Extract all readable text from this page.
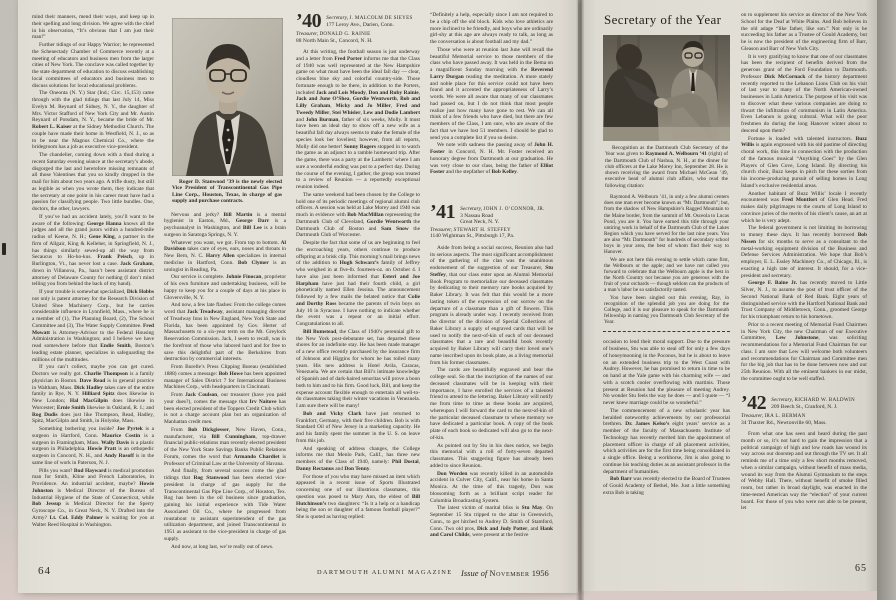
mind their manners, mend their ways, and keep up in their spelling and long division. We agree with the chief in his observation, “It’s obvious that I am just their man!”

Further tidings of our Happy Warrior; he represented the Schenectady Chamber of Commerce recently at a meeting of educators and business men from the larger cities of New York. The conclave was called together by the state department of education to discuss establishing local committees of educators and business men to discuss solutions for local educational problems.

The Oneonta (N. Y.) Star (Ind.; Circ. 15,153) came through with the glad tidings that last July 14, Miss Evelyn M. Reynard of Sidney, N. Y., the daughter of Mrs. Victor Stafford of New York City and Mr. Austin Reynard of Potsdam, N. Y., became the bride of Mr. Robert L. Kaiser at the Sidney Methodist Church. The couple have made their home in Westfield, N. J., so as to be near the Magnus Chemical Co., where the bridegroom has a job as executive vice-president.

The chandelier, coming down with a thud during a recent Saturday evening séance at the secretary’s abode, disgorged the last and heretofore missing remnants of all those Valentines that you so kindly dropped in the mail for him about two years ago. A trifle dusty, but still as legible as when you wrote them, they indicate that the secretary at one point in his career must have had a passion for classifying people. Two little bundles. One, doctors, the other, lawyers.

If you’ve had an accident lately, you’ll want to be aware of the following: George Hanna knows all the judges and all the grand jurors within a hundred-mile radius of Keene, N. H.; Gene King, a partner in the firm of Allgair, King & Kelleher, in Springfield, N. J., has things similarly sewed-up all the way from Secaucus to Ho-ho-kus. Frank Peisch, up in Burlington, Vt., has never lost a case. Jack Graham, down in Villanova, Pa., hasn’t been assistant district attorney of Delaware County for nothing (I don’t mind telling you from behind the back of my hand).

If your trouble is somewhat specialized, Dick Hobbs not only is patent attorney for the Research Division of United Shoe Machinery Corp., but he carries considerable influence in Lynnfield, Mass., where he is a member of (1), The Planning Board, (2), The School Committee and (3), The Water Supply Committee. Fred Mowatt is Attorney-Advisor to the Federal Housing Administration in Washington; and I believe we have read somewhere before that Endie Smith, Boston’s leading estate planner, specializes in safeguarding the millions of the multitudes.

If you can’t collect, maybe you can get cured. Doctors we really got. Charlie Thompson is a family physician in Boston. Dave Read is in general practice in Waltham, Mass. Dick Hadley takes care of the entire family in Rye, N. Y. Hilliard Spitz does likewise in New London; Hal MacGilpin does likewise in Worcester; Ernie Smith likewise in Oakland, R. I.; and Rog Dudis does just like Thompson, Read, Hadley, Spitz, MacGilpin and Smith, in Holyoke, Mass.

Something bothering you inside? Joe Pyrtek is a surgeon in Hartford, Conn. Maurice Costin is a surgeon in Framingham, Mass. Wally Davis is a plastic surgeon in Philadelphia. Howie Pratt is an orthopedic surgeon in Concord, N. H., and Andy Rusoff is in the same line of work in Paterson, N. J.

Pills you want? Bud Hayward is medical promotion man for Smith, Kline and French Laboratories, in Providence. An industrial accident, maybe? Howie Johnston is Medical Director of the Bureau of Industrial Hygiene of the State of Connecticut, while Bob Jessup is Medical Director for the Sperry Gyroscope Co., in Great Neck, N. Y. Drafted into the Army? Lt. Col. Eddy Palmer is waiting for you at Walter Reed Hospital in Washington.

Roger D. Stanwood ’39 is the newly elected Vice President of Transcontinental Gas Pipe Line Corp., Houston, Texas, in charge of gas supply and purchase contracts.

Nervous and jerky? Bill Martin is a mental hygienist in Easton, Md., George Darr is a psychoanalyst in Washington, and Bill Lee is a brain surgeon in Saratoga Springs, N. Y.

Whatever you want, we got. From top to bottom. Al Davidson takes care of eyes, ears, noses and throats in New Bern, N. C. Harry Allen specializes in internal medicine in Hartford, Conn. Bob Clymer is an urologist in Reading, Pa.

Our service is complete. Johnie Finocan, proprietor of his own furniture and undertaking business, will be happy to keep you for a couple of days at his place in Gloversville, N. Y.

And now, a few late flashes: From the college comes word that Jack Treadway, assistant managing director of Treadway Inns in New England, New York State and Florida, has been appointed by Gov. Herter of Massachusetts to a six-year term on the Mt. Greylock Reservation Commission. Jack, I seem to recall, was in the forefront of those who labored hard and for free to save this delightful part of the Berkshires from destruction by commercial interests.

From Burelle’s Press Clipping Bureau (established 1888) comes a message: Bob Howe has been appointed manager of Sales District 7 for International Business Machines Corp., with headquarters in Cincinnati.

From Jack Coulson, our treasurer (have you paid your dues?), comes the message that Irv Naitove has been elected president of the Toppers Credit Club which is not a charge account plan but an organization of Manhattan credit men.

From Bob Dickgiesser, New Haven, Conn., manufacturer, via Bill Cunningham, top-drawer financial public-relations man recently elected president of the New York State Savings Banks Public Relations Forum, comes the word that Armando Chardiet is Professor of Criminal Law at the University of Havana.

And finally, from several sources come the glad tidings that Rog Stanwood has been elected vice-president in charge of gas supply for the Transcontinental Gas Pipe Line Corp., of Houston, Tex. Rog has been in the oil business since graduation, gaining his initial experience with Tide Water Associated Oil Co., where he progressed from roustabout to assistant superintendent of the gas utilization department, and joined Transcontinental in 1951 as assistant to the vice-president in charge of gas supply.

And now, at long last, we’re really out of news.

’40 Secretary, J. MALCOLM DE SIEYES
177 Leroy Ave., Darien, Conn.
Treasurer, DONALD G. RAINIE
88 North Main St., Concord, N. H.

At this writing, the football season is just underway and a letter from Fred Porter informs me that the Class of 1940 was well represented at the New Hampshire game on what must have been the ideal fall day — clear, cloudless blue sky and colorful country-side. Those fortunate enough to be there, in addition to the Porters, included Jack and Lois Moody, Don and Ruby Rainie, Jack and June O’Shea, Gordie Wentworth, Bob and Lilly Graham, Micky and Jo Miller, Fred and Tweedy Miller, Stei Whisler, Lew and Dodie Lambert and John Burman, father of six weeks, Molly. It must have been an ideal day to show off a new wife as a beautiful fall day always seems to make the female of the species look her loveliest; however, from all reports, Molly did one better! Sonny Rogers stopped in to watch the game as an adjunct to a ramble homeward trip. After the game, there was a party at the Lamberts’ where I am sure a wonderful ending was put to a perfect day. During the course of the evening, I gather, the group was treated to a review of Reunion — a reportedly exceptional reunion indeed.

The same weekend had been chosen by the College to hold one of its periodic meetings of regional alumni club officers. A session was held at Lake Morey and 1940 was much in evidence with Bob MacMillan representing the Dartmouth Club of Cleveland, Gordie Wentworth the Dartmouth Club of Boston and Sam Snow the Dartmouth Club of Worcester.

Despite the fact that some of us are beginning to feel the encroaching years, others continue to produce offspring at a brisk clip. This morning’s mail brings news of the addition to Hugh Schwarz’s family of Jeffrey who weighed in at five-lb. fourteen-oz. on October 4. I have also just been informed that Esteri and Joe Harpham have just had their fourth child, a girl phonetically named Ellen Jessina. The announcement followed by a few mails the belated notice that Colie and Dorthy Ross became the parents of twin boys on July 16 in Syracuse. I have nothing to indicate whether the event was a repeat or an initial effort. Congratulations to all.

Bill Bumstead, the Class of 1940’s perennial gift to the New York post-debutante set, has departed these shores for an indefinite stay. He has been made manager of a new office recently purchased by the insurance firm of Johnson and Higgins for whom he has toiled many years. His new address is Hotel Avila, Caracas, Venezuela. We are certain that Bill’s intimate knowledge of Spanish and of dark-haired senoritas will prove a boon both to him and to his firm. Good luck, Bill, and keep the expense account flexible enough to entertain all well-to-do classmates taking their winter vacations in Venezuela. I am sure there will be many!

Bob and Vicky Clark have just returned to Frankfort, Germany, with their five children. Bob is with Standard Oil of New Jersey in a marketing capacity. He and his family spent the summer in the U. S. on leave from this job.

And speaking of address changes, the College informs me that Menlo Park, Calif., has three new members of the Class of 1940, namely: Phil Dostal, Danny Rectanus and Don Tenny.

For those of you who may have missed an item which appeared in a recent issue of Sports Illustrated concerning one of our illustrious classmates, this question was posed to Mary Ann, the eldest of Bill Hutchinson’s two daughters: “Is it a help or a handicap being the son or daughter of a famous football player?” She is quoted as having replied:

“Definitely a help, especially since I am not required to be a chip off the old block. Kids who love athletics are more inclined to be friendly, and boys who are ordinarily girl-shy at this age are always ready to talk, as long as the conversation is about football and my dad.”

Those who were at reunion last June will recall the beautiful Memorial service to those members of the class who have passed away. It was held in the Bema on a magnificent Sunday morning with the Reverend Larry Durgan reading the meditation. A more stately and noble place for this service could not have been found and it accented the appropriateness of Larry’s words. We were all aware that many of our classmates had passed on, but I do not think that most people realize just how many have gone to rest. We can all think of a few friends who have died, but there are few members of the Class, I am sure, who are aware of the fact that we have lost 51 members. I should be glad to send you a complete list if you so desire.

We note with sadness the passing away of John H. Foster in Concord, N. H. Mr. Foster received an honorary degree from Dartmouth at our graduation. He was very close to our class, being the father of Elliot Foster and the stepfather of Bob Kelley.

’41 Secretary, JOHN J. O’CONNOR, JR.
3 Nassau Road
Great Neck, N. Y.
Treasurer, STEWART H. STEFFEY
1140 Wightman St., Pittsburgh 17, Pa.

Aside from being a social success, Reunion also had its serious aspects. The most significant accomplishment of the gathering of the clan was the unanimous endorsement of the suggestion of our Treasurer, Stu Steffey, that our class enter upon an Alumni Memorial Book Program to memorialize our deceased classmates by dedicating to their memory rare books acquired by Baker Library. It was felt that this would be a more lasting token of the expression of our sorrow on the departure of a classmate than a gift of flowers. This program is already under way. I recently received from the director of the division of Special Collections of Baker Library a supply of engraved cards that will be used to notify the next-of-kin of each of our deceased classmates that a rare and beautiful book recently acquired by Baker Library will carry their loved one’s name inscribed upon its book plate, as a living memorial from his former classmates.

The cards are beautifully engraved and bear the college seal. So that the inscription of the names of our deceased classmates will be in keeping with their importance, I have enrolled the services of a talented friend to attend to the lettering. Baker Library will notify me from time to time as these books are acquired, whereupon I will forward the card to the next-of-kin of the particular deceased classmate to whose memory we have dedicated a particular book. A copy of the book plate of each book so dedicated will also go to the next-of-kin.

As pointed out by Stu in his dues notice, we begin this memorial with a roll of forty-seven departed classmates. This staggering figure has already been added to since Reunion.

Don Worden was recently killed in an automobile accident in Culver City, Calif., near his home in Santa Monica. At the time of this tragedy, Don was blossoming forth as a brilliant script reader for Columbia Broadcasting System.

The latest victim of marital bliss is Stu May. On September 15 Stu tripped to the altar in Greenwich, Conn., to get hitched to Audrey D. Smith of Stamford, Conn. Two old pros, Dick and Judy Potter, and Hank and Carol Childs, were present at the festive

64	DARTMOUTH ALUMNI MAGAZINE Issue of November 1956
Secretary of the Year

Recognition as the Dartmouth Club Secretary of the Year was given to Raymond A. Welbourn ’41 (right) of the Dartmouth Club of Nashua, N. H., at the dinner for club officers at the Lake Morey Inn, September 28. He is shown receiving the award from Michael McGean ’49, executive head of alumni club affairs, who read the following citation:

Raymond A. Welbourn ’41, in only a few alumni centers does one man ever become known as “Mr. Dartmouth”; but, from the shadow of New Hampshire’s Ragged Mountain to the Maine border, from the summit of Mt. Osceola to Lucas Pond, you are it. You have earned this title through your untiring work in behalf of the Dartmouth Club of the Lakes Region which you have served for the last nine years. You are also “Mr. Dartmouth” for hundreds of secondary school boys in your area, the best of whom find their way to Hanover.

We are not here this evening to settle which came first, the Welbourn or the apple; and we have not called you forward to celebrate that the Welbourn apple is the best in the North Country nor because you are generous with the fruit of your orchards — though seldom can the products of a man’s labor be so satisfactorily tasted.

You have been singled out this evening, Ray, in recognition of the splendid job you are doing for the College, and it is our pleasure to speak for the Dartmouth fellowship in naming you Dartmouth Club Secretary of the Year.

occasion to lend their moral support. Due to the pressure of business, Stu was able to steal off for only a few days of honeymooning in the Poconos, but he is about to leave on an extended business trip to the West Coast with Audrey. However, he has promised to return in time to be on hand at the Yale game with his charming wife — and with a scotch cooler overflowing with martinis. Those present at Reunion had the pleasure of meeting Audrey. No wonder Stu feels the way he does — and I quote — “I never knew marriage could be so wonderful.”

The commencement of a new scholastic year has heralded noteworthy achievements by our professorial brethren. Dr. James Kelso’s eight years’ service as a member of the faculty of Massachusetts Institute of Technology has recently merited him the appointment of placement officer in charge of all placement activities, which activities are for the first time being consolidated in a single office. Being a workhorse, Jim is also going to continue his teaching duties as an assistant professor in the department of humanities.

Bob Barr was recently elected to the Board of Trustees of Gould Academy of Bethel, Me. Just a little something extra Bob is taking

on to supplement his service as director of the New York School for the Deaf at White Plains. And Bob believes in the old adage “like father, like son.” Not only is he succeeding his father as a Trustee of Gould Academy, but he is now the president of the engineering firm of Barr, Gleason and Barr of New York City.

It is very gratifying to know that one of our classmates has been the recipient of benefits derived from the generous grant of the Ford Foundation to Dartmouth. Professor Dick McCornack of the history department recently reported to the Lebanon Lions Club on his visit of last year to many of the North American-owned businesses in Latin America. The purpose of his visit was to discover what these various companies are doing to thwart the infiltration of communism in Latin America. Even Lebanon is going cultural. What will the poor freshmen do during the long Hanover winter about to descend upon them?

Fortune is loaded with talented instructors. Buzz Willis is again engrossed with his old pastime of directing choral work, this time in connection with the production of the famous musical “Anything Goes” by the Glen Players of Glen Cove, Long Island. By directing his church choir, Buzz keeps in pitch for these sorties from his income-producing pursuit of selling homes in Long Island’s exclusive residential areas.

Another habitant of Buzz Willis’ locale I recently encountered was Fred Montfort of Glen Head. Fred makes daily pilgrimages to the courts of Long Island to convince juries of the merits of his client’s cause, an art at which he is very adept.

The federal government is not limiting its borrowing to money these days. It has recently borrowed Bob Nissen for six months to serve as a consultant to the metal-working equipment division of the Business and Defense Services Administration. We hope that Bob’s employer, E. L. Essley Machinery Co., of Chicago, Ill., is exacting a high rate of interest. It should, for a vice-president and secretary.

George F. Baine Jr. has recently moved to Little Silver, N. J., to assume the post of trust officer of the Second National Bank of Red Bank. Eight years of distinguished service with the Hartford National Bank and Trust Company of Middletown, Conn., groomed George for his triumphant return to his hometown.

Prior to a recent meeting of Memorial Fund Chairmen in New York City, the new Chairman of our Executive Committee, Lew Johnstone, was soliciting recommendations for a Memorial Fund Chairman for our class. I am sure that Lew will welcome both volunteers and recommendations for Chairman and Committee men for the big job that has to be done between now and our 25th Reunion. With all the eminent bankers in our midst, the committee ought to be well staffed.

’42 Secretary, RICHARD W. BALDWIN
209 Beech St., Cranford, N. J.
Treasurer, IRA L. BERMAN
34 Thaxter Rd., Newtonville 60, Mass.

From what one has seen and heard during the past month or so, it’s not hard to gain the impression that a political campaign of high and low roads has wound its way across our doorstep and out through the TV set. It all reminds me of a time only a few short months removed, when a similar campaign, without benefit of mass media, wound its way from the Alumni Gymnasium to the steps of Webby Hall. There, without benefit of smoke filled room, but rather in broad daylight, was enacted in the time-tested American way the “election” of your current board. For those of you who were not able to be present, let

65
